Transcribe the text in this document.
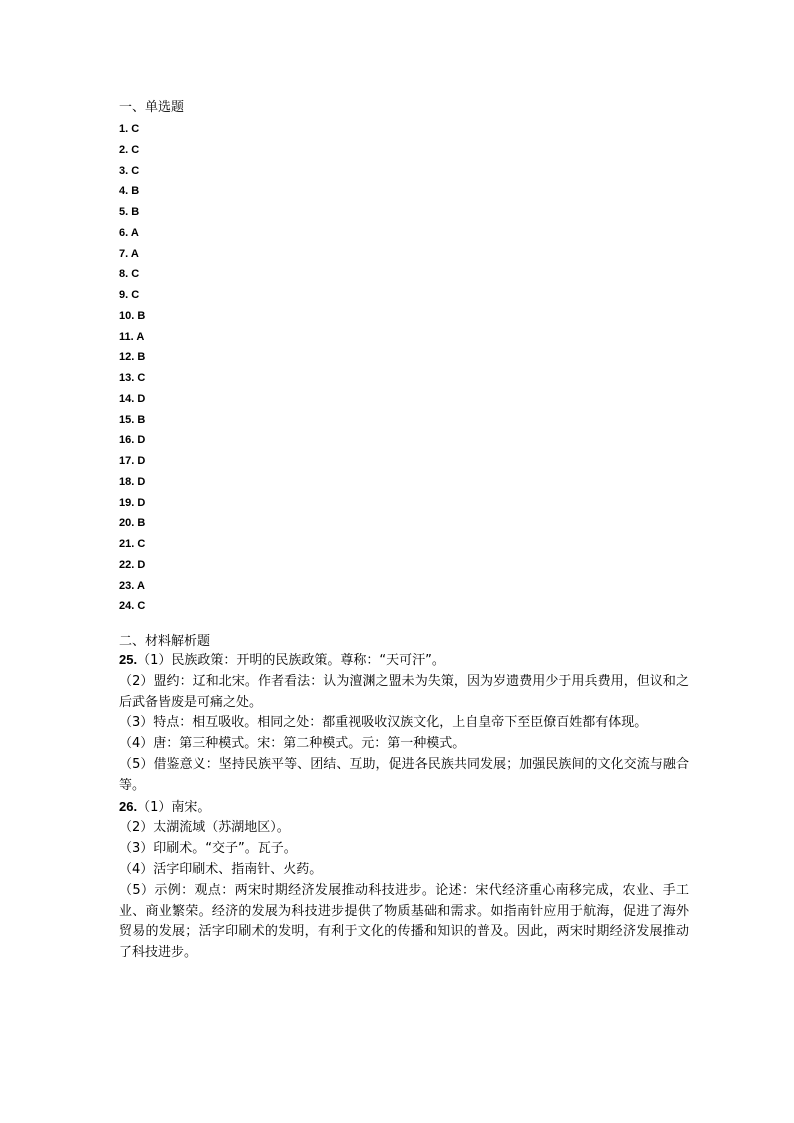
一、单选题
1. C
2. C
3. C
4. B
5. B
6. A
7. A
8. C
9. C
10. B
11. A
12. B
13. C
14. D
15. B
16. D
17. D
18. D
19. D
20. B
21. C
22. D
23. A
24. C
二、材料解析题
25.（1）民族政策：开明的民族政策。尊称：“天可汗”。
（2）盟约：辽和北宋。作者看法：认为澶渊之盟未为失策，因为岁遗费用少于用兵费用，但议和之后武备皆废是可痛之处。
（3）特点：相互吸收。相同之处：都重视吸收汉族文化，上自皇帝下至臣僚百姓都有体现。
（4）唐：第三种模式。宋：第二种模式。元：第一种模式。
（5）借鉴意义：坚持民族平等、团结、互助，促进各民族共同发展；加强民族间的文化交流与融合等。
26.（1）南宋。
（2）太湖流域（苏湖地区）。
（3）印刷术。“交子”。瓦子。
（4）活字印刷术、指南针、火药。
（5）示例：观点：两宋时期经济发展推动科技进步。论述：宋代经济重心南移完成，农业、手工业、商业繁荣。经济的发展为科技进步提供了物质基础和需求。如指南针应用于航海，促进了海外贸易的发展；活字印刷术的发明，有利于文化的传播和知识的普及。因此，两宋时期经济发展推动了科技进步。
